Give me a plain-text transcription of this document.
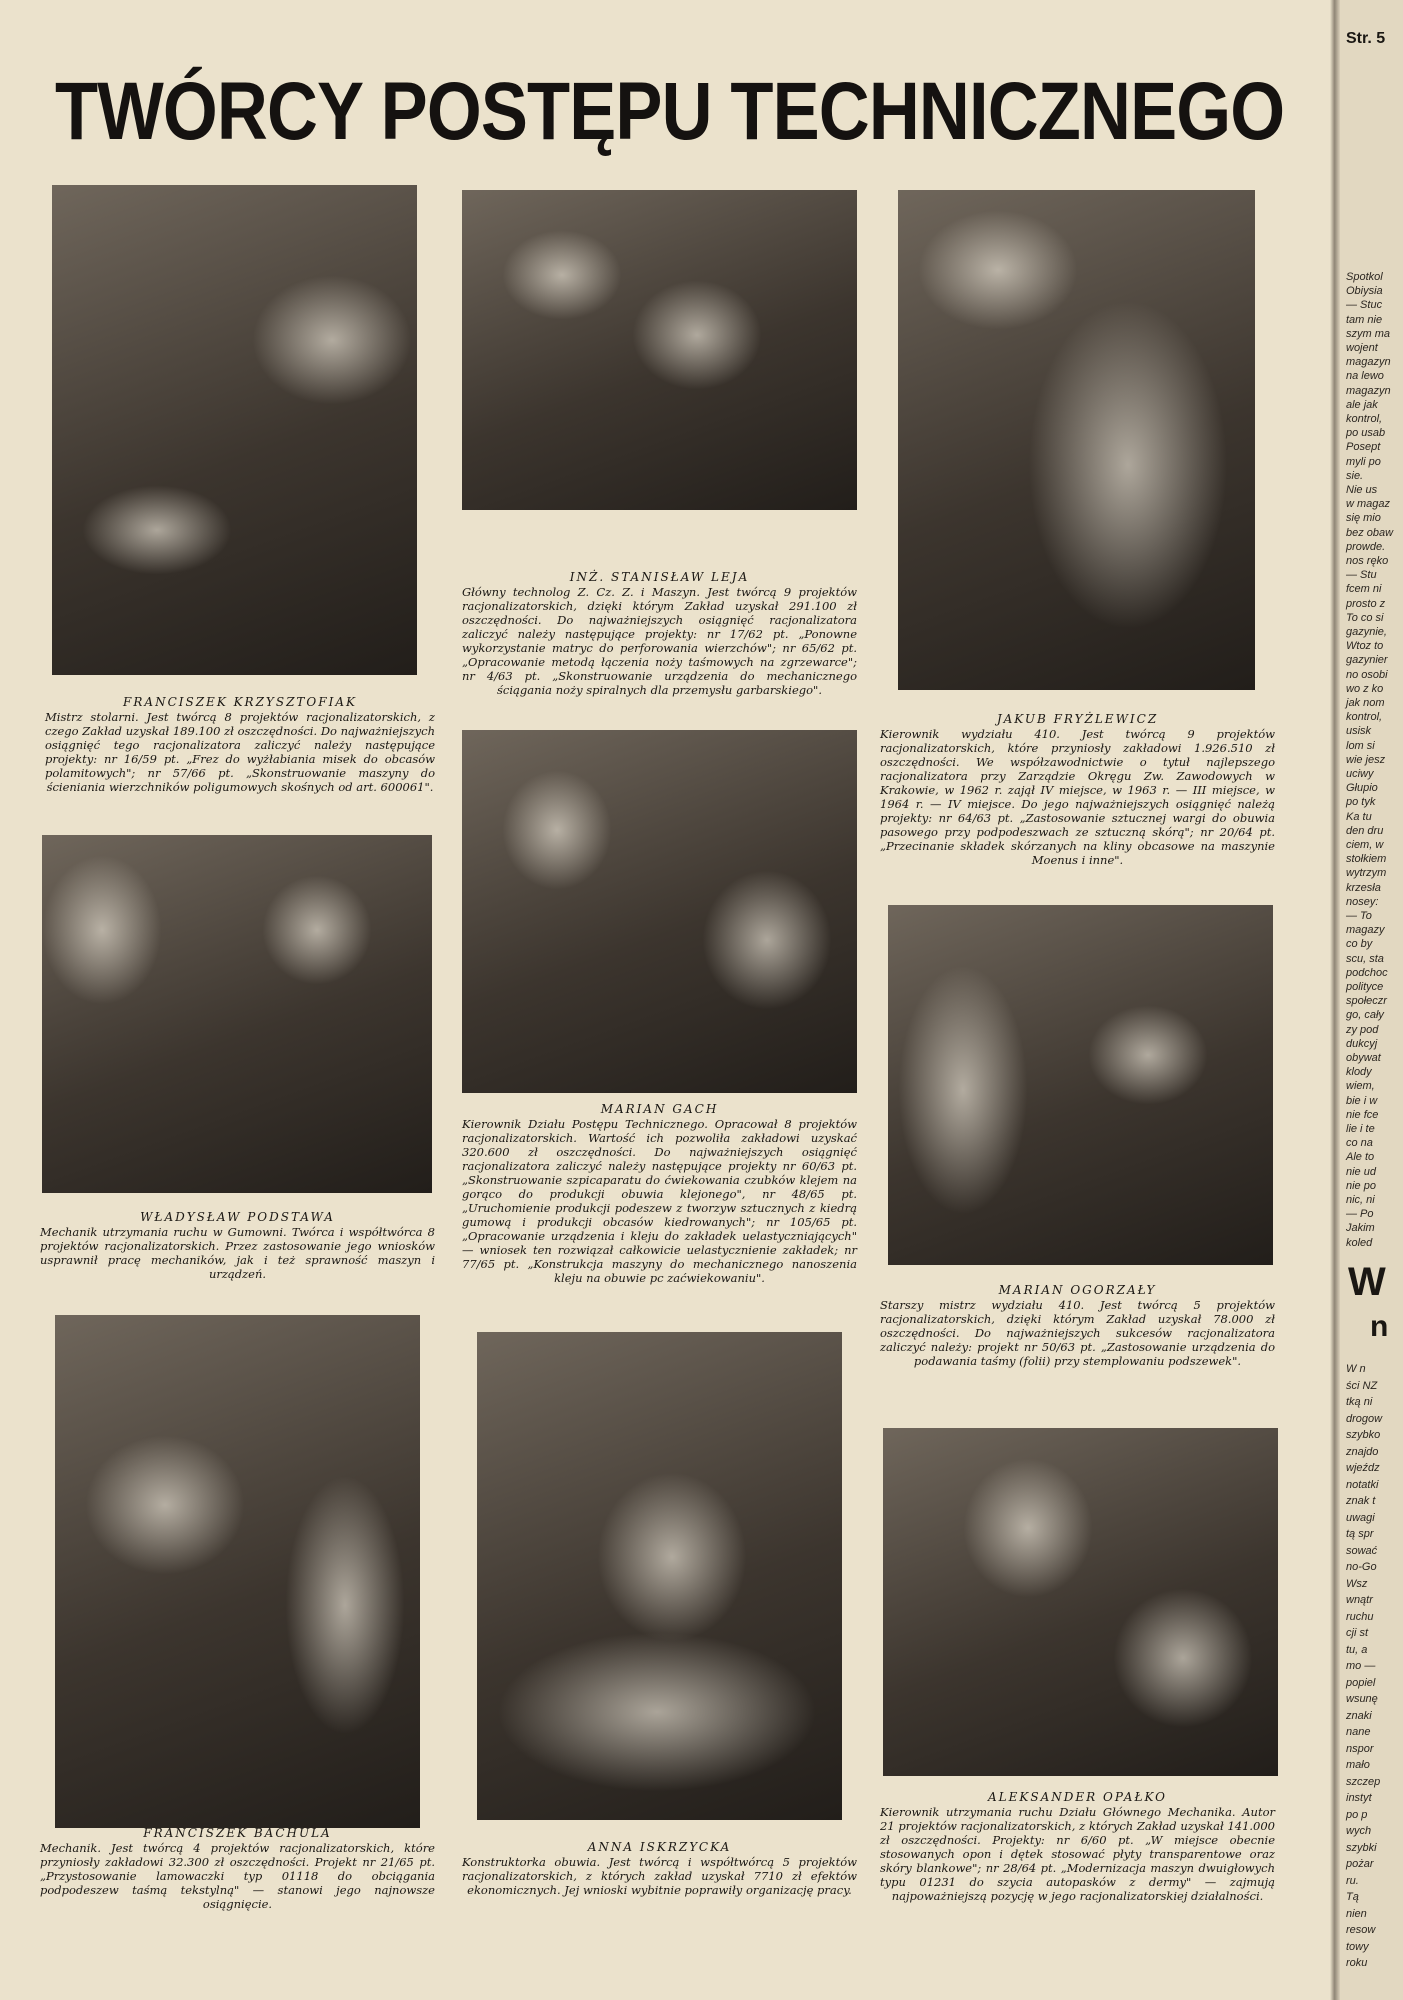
TWÓRCY POSTĘPU TECHNICZNEGO
FRANCISZEK KRZYSZTOFIAK
Mistrz stolarni. Jest twórcą 8 projektów racjonalizatorskich, z czego Zakład uzyskał 189.100 zł oszczędności. Do najważniejszych osiągnięć tego racjonalizatora zaliczyć należy następujące projekty: nr 16/59 pt. „Frez do wyżłabiania misek do obcasów polamitowych"; nr 57/66 pt. „Skonstruowanie maszyny do ścieniania wierzchników poligumowych skośnych od art. 600061".
INŻ. STANISŁAW LEJA
Główny technolog Z. Cz. Z. i Maszyn. Jest twórcą 9 projektów racjonalizatorskich, dzięki którym Zakład uzyskał 291.100 zł oszczędności. Do najważniejszych osiągnięć racjonalizatora zaliczyć należy następujące projekty: nr 17/62 pt. „Ponowne wykorzystanie matryc do perforowania wierzchów"; nr 65/62 pt. „Opracowanie metodą łączenia noży taśmowych na zgrzewarce"; nr 4/63 pt. „Skonstruowanie urządzenia do mechanicznego ściągania noży spiralnych dla przemysłu garbarskiego".
JAKUB FRYŻLEWICZ
Kierownik wydziału 410. Jest twórcą 9 projektów racjonalizatorskich, które przyniosły zakładowi 1.926.510 zł oszczędności. We współzawodnictwie o tytuł najlepszego racjonalizatora przy Zarządzie Okręgu Zw. Zawodowych w Krakowie, w 1962 r. zajął IV miejsce, w 1963 r. — III miejsce, w 1964 r. — IV miejsce. Do jego najważniejszych osiągnięć należą projekty: nr 64/63 pt. „Zastosowanie sztucznej wargi do obuwia pasowego przy podpodeszwach ze sztuczną skórą"; nr 20/64 pt. „Przecinanie składek skórzanych na kliny obcasowe na maszynie Moenus i inne".
WŁADYSŁAW PODSTAWA
Mechanik utrzymania ruchu w Gumowni. Twórca i współtwórca 8 projektów racjonalizatorskich. Przez zastosowanie jego wniosków usprawnił pracę mechaników, jak i też sprawność maszyn i urządzeń.
MARIAN GACH
Kierownik Działu Postępu Technicznego. Opracował 8 projektów racjonalizatorskich. Wartość ich pozwoliła zakładowi uzyskać 320.600 zł oszczędności. Do najważniejszych osiągnięć racjonalizatora zaliczyć należy następujące projekty nr 60/63 pt. „Skonstruowanie szpicaparatu do ćwiekowania czubków klejem na gorąco do produkcji obuwia klejonego", nr 48/65 pt. „Uruchomienie produkcji podeszew z tworzyw sztucznych z kiedrą gumową i produkcji obcasów kiedrowanych"; nr 105/65 pt. „Opracowanie urządzenia i kleju do zakładek uelastyczniających" — wniosek ten rozwiązał całkowicie uelastycznienie zakładek; nr 77/65 pt. „Konstrukcja maszyny do mechanicznego nanoszenia kleju na obuwie pc zaćwiekowaniu".
MARIAN OGORZAŁY
Starszy mistrz wydziału 410. Jest twórcą 5 projektów racjonalizatorskich, dzięki którym Zakład uzyskał 78.000 zł oszczędności. Do najważniejszych sukcesów racjonalizatora zaliczyć należy: projekt nr 50/63 pt. „Zastosowanie urządzenia do podawania taśmy (folii) przy stemplowaniu podszewek".
FRANCISZEK BACHULA
Mechanik. Jest twórcą 4 projektów racjonalizatorskich, które przyniosły zakładowi 32.300 zł oszczędności. Projekt nr 21/65 pt. „Przystosowanie lamowaczki typ 01118 do obciągania podpodeszew taśmą tekstylną" — stanowi jego najnowsze osiągnięcie.
ANNA ISKRZYCKA
Konstruktorka obuwia. Jest twórcą i współtwórcą 5 projektów racjonalizatorskich, z których zakład uzyskał 7710 zł efektów ekonomicznych. Jej wnioski wybitnie poprawiły organizację pracy.
ALEKSANDER OPAŁKO
Kierownik utrzymania ruchu Działu Głównego Mechanika. Autor 21 projektów racjonalizatorskich, z których Zakład uzyskał 141.000 zł oszczędności. Projekty: nr 6/60 pt. „W miejsce obecnie stosowanych opon i dętek stosować płyty transparentowe oraz skóry blankowe"; nr 28/64 pt. „Modernizacja maszyn dwuigłowych typu 01231 do szycia autopasków z dermy" — zajmują najpoważniejszą pozycję w jego racjonalizatorskiej działalności.
Str. 5
Spotkol
Obiysia
— Stuc
tam nie
szym ma
wojent
magazyn
na lewo
magazyn
ale jak
kontrol,
po usab
Posept
myli po
sie.
Nie us
w magaz
się mio
bez obaw
prowde.
nos ręko
— Stu
fcem ni
prosto z
To co si
gazynie,
Wtoz to
gazynier
no osobi
wo z ko
jak nom
kontrol,
usisk
lom si
wie jesz
uciwy
Głupio
po tyk
Ka tu
den dru
ciem, w
stołkiem
wytrzym
krzesła
nosey:
— To
magazy
co by
scu, sta
podchoc
polityce
społeczr
go, cały
zy pod
dukcyj
obywat
klody
wiem,
bie i w
nie fce
lie i te
co na
Ale to
nie ud
nie po
nic, ni
— Po
Jakim
koled
W
n
W n
ści NZ
tką ni
drogow
szybko
znajdo
wjeźdz
notatki
znak t
uwagi
tą spr
sować
no-Go
Wsz
wnątr
ruchu
cji st
tu, a
mo —
popiel
wsunę
znaki
nane
nspor
mało
szczep
instyt
po p
wych
szybki
pożar
ru.
Tą
nien
resow
towy
roku
